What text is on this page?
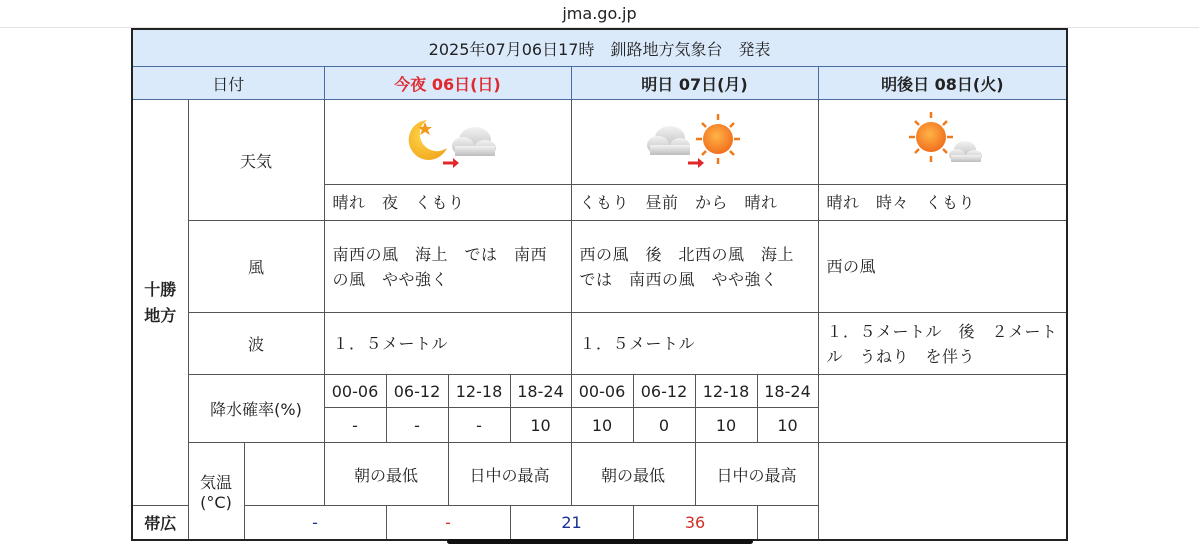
jma.go.jp
2025年07月06日17時　釧路地方気象台　発表											
日付			今夜 06日(日)				明日 07日(月)				明後日 08日(火)

十勝
地方	天気			
			晴れ　夜　くもり				くもり　昼前　から　晴れ				晴れ　時々　くもり
	風		南西の風　海上　では　南西の風　やや強く				西の風　後　北西の風　海上　では　南西の風　やや強く				西の風
	波		１．５メートル				１．５メートル				１．５メートル　後　２メートル　うねり　を伴う
	降水確率(%)		00-06	06-12	12-18	18-24	00-06	06-12	12-18	18-24	
			-	-	-	10	10	0	10	10	

	気温
(°C)		朝の最低		日中の最高		朝の最低		日中の最高		
帯広		-		-		21		36			
